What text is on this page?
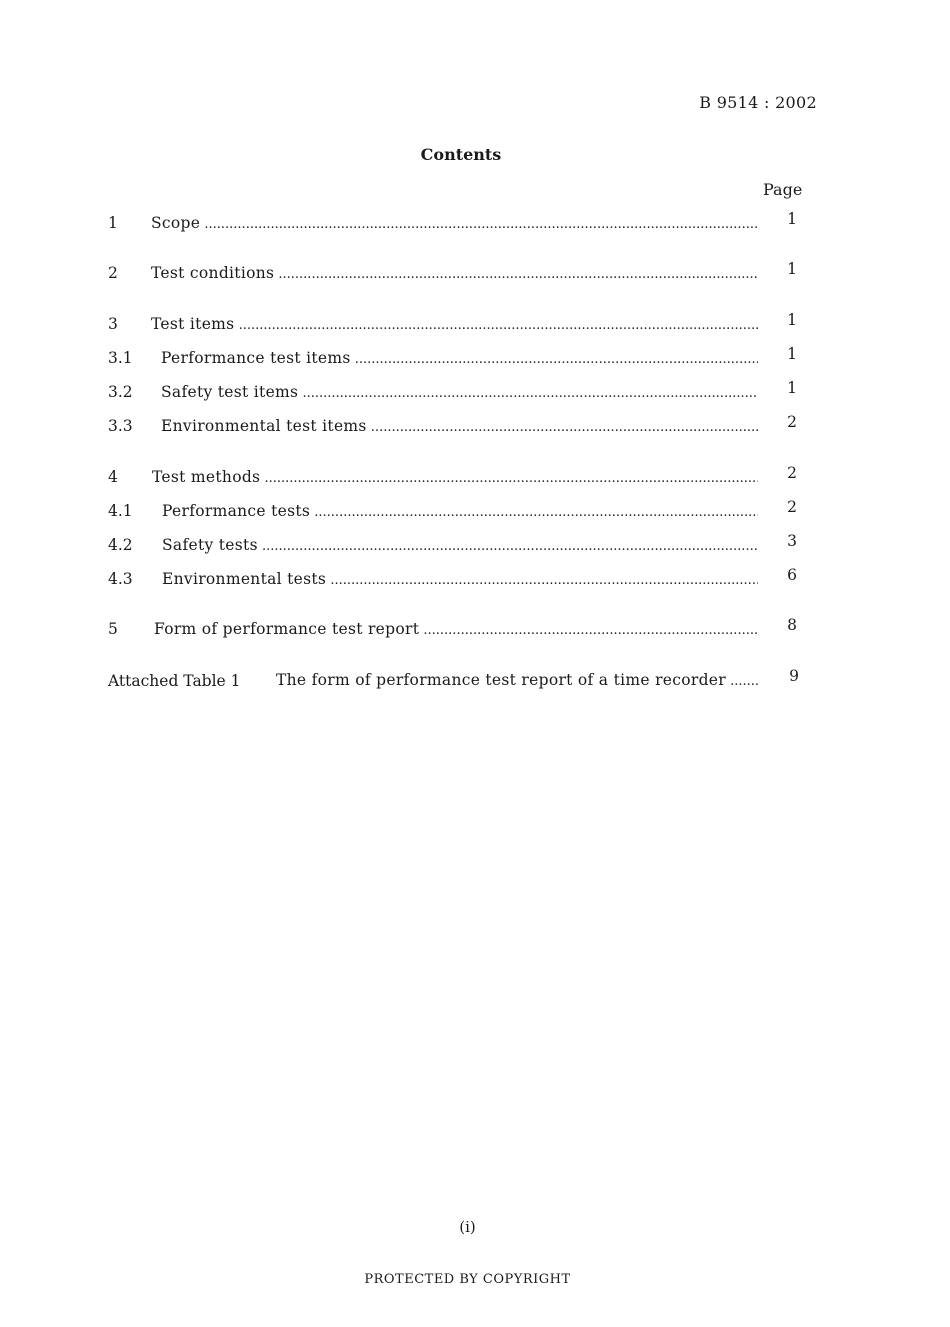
B 9514 : 2002
Contents
Page
1 Scope .....	1
2 Test conditions .....	1
3 Test items .....	1
3.1 Performance test items .....	1
3.2 Safety test items .....	1
3.3 Environmental test items .....	2
4 Test methods .....	2
4.1 Performance tests .....	2
4.2 Safety tests .....	3
4.3 Environmental tests .....	6
5 Form of performance test report .....	8
Attached Table 1 The form of performance test report of a time recorder .....	9
(i)
PROTECTED BY COPYRIGHT
